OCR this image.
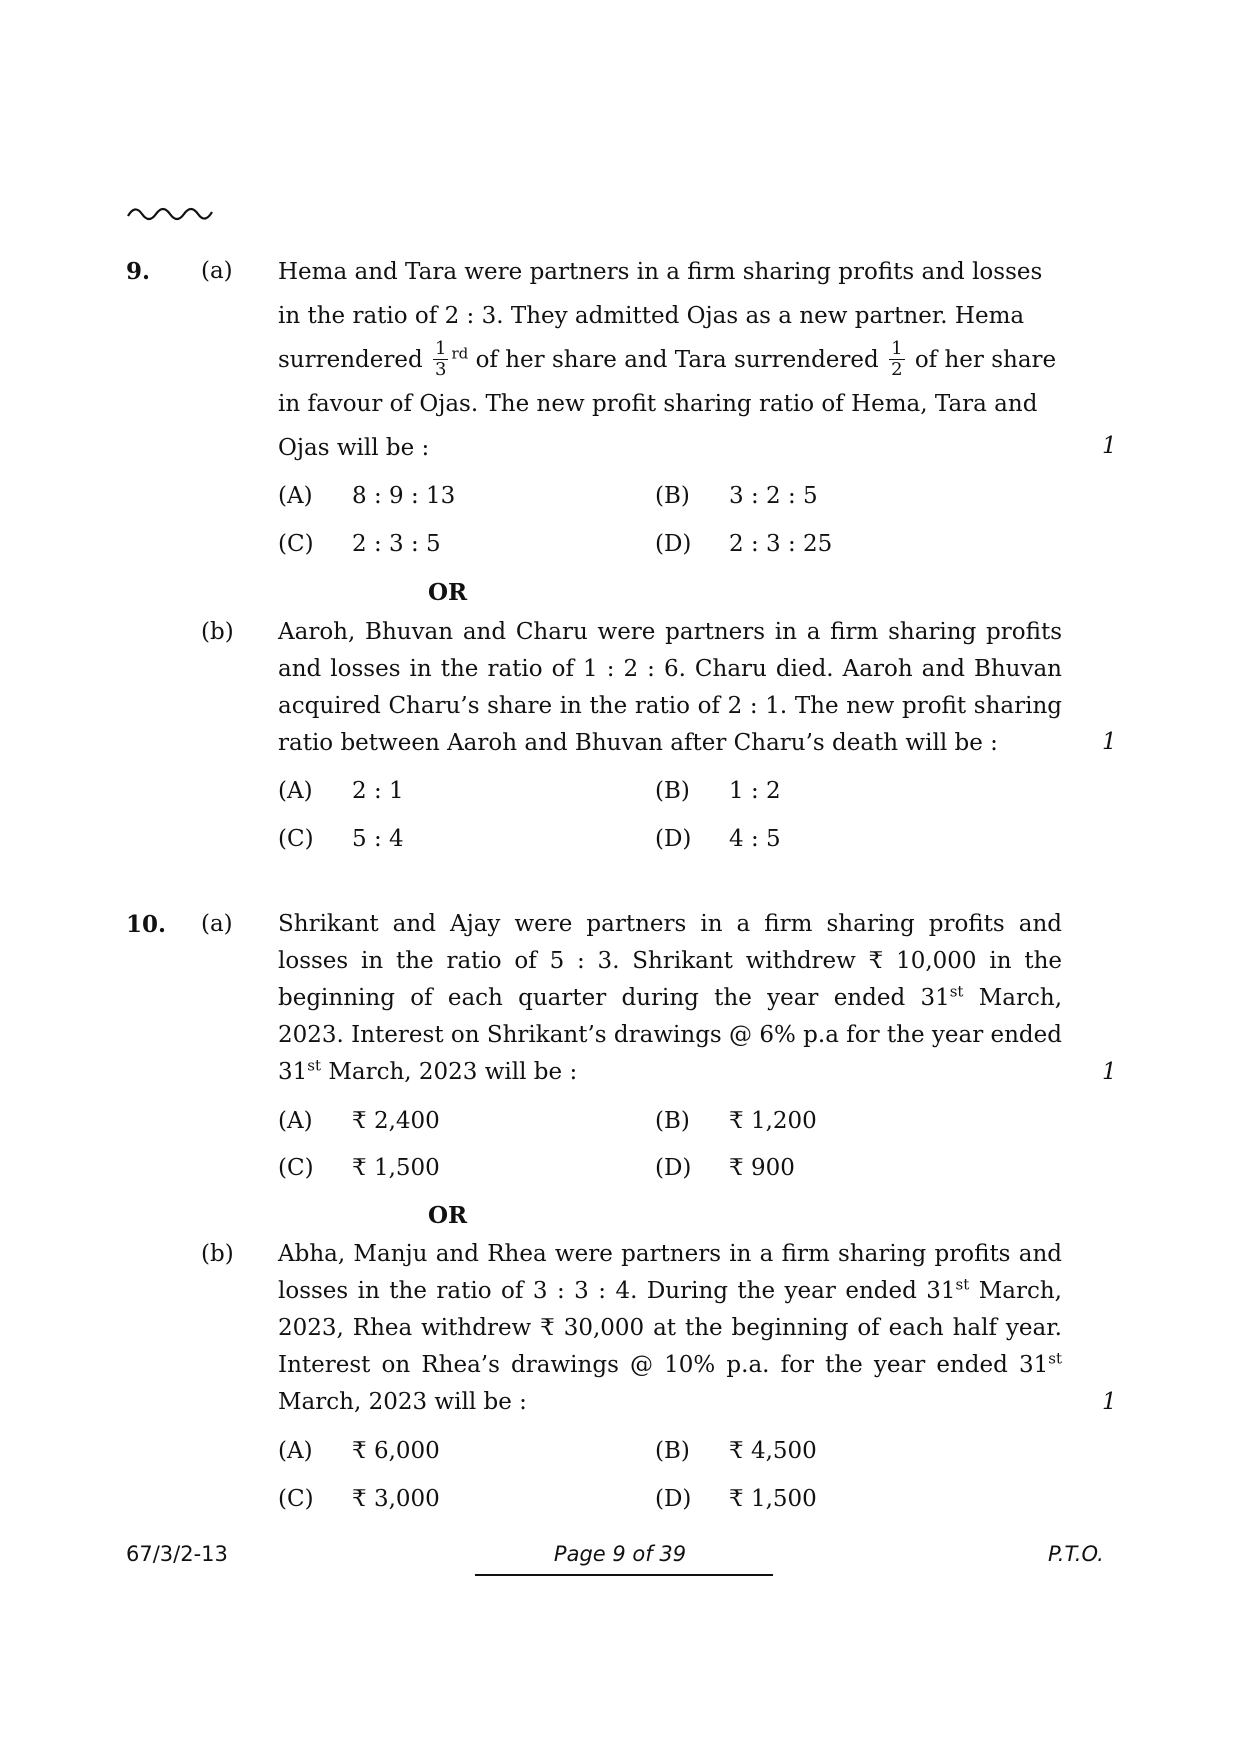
9. (a) Hema and Tara were partners in a firm sharing profits and losses
in the ratio of 2 : 3. They admitted Ojas as a new partner. Hema
surrendered $\frac{1}{3} ^{rd}$ of her share and Tara surrendered $\frac{1}{2}$ of her share
in favour of Ojas. The new profit sharing ratio of Hema, Tara and
Ojas will be :	1
(A) 8 : 9 : 13	(B) 3 : 2 : 5
(C) 2 : 3 : 5	(D) 2 : 3 : 25
OR
(b) Aaroh, Bhuvan and Charu were partners in a firm sharing profits and losses in the ratio of 1 : 2 : 6. Charu died. Aaroh and Bhuvan acquired Charu’s share in the ratio of 2 : 1. The new profit sharing ratio between Aaroh and Bhuvan after Charu’s death will be :	1
(A) 2 : 1	(B) 1 : 2
(C) 5 : 4	(D) 4 : 5
10. (a) Shrikant and Ajay were partners in a firm sharing profits and losses in the ratio of 5 : 3. Shrikant withdrew ₹ 10,000 in the beginning of each quarter during the year ended 31st March, 2023. Interest on Shrikant’s drawings @ 6% p.a for the year ended 31st March, 2023 will be :	1
(A) ₹ 2,400	(B) ₹ 1,200
(C) ₹ 1,500	(D) ₹ 900
OR
(b) Abha, Manju and Rhea were partners in a firm sharing profits and losses in the ratio of 3 : 3 : 4. During the year ended 31st March, 2023, Rhea withdrew ₹ 30,000 at the beginning of each half year. Interest on Rhea’s drawings @ 10% p.a. for the year ended 31st March, 2023 will be :	1
(A) ₹ 6,000	(B) ₹ 4,500
(C) ₹ 3,000	(D) ₹ 1,500
67/3/2-13	Page 9 of 39	P.T.O.
